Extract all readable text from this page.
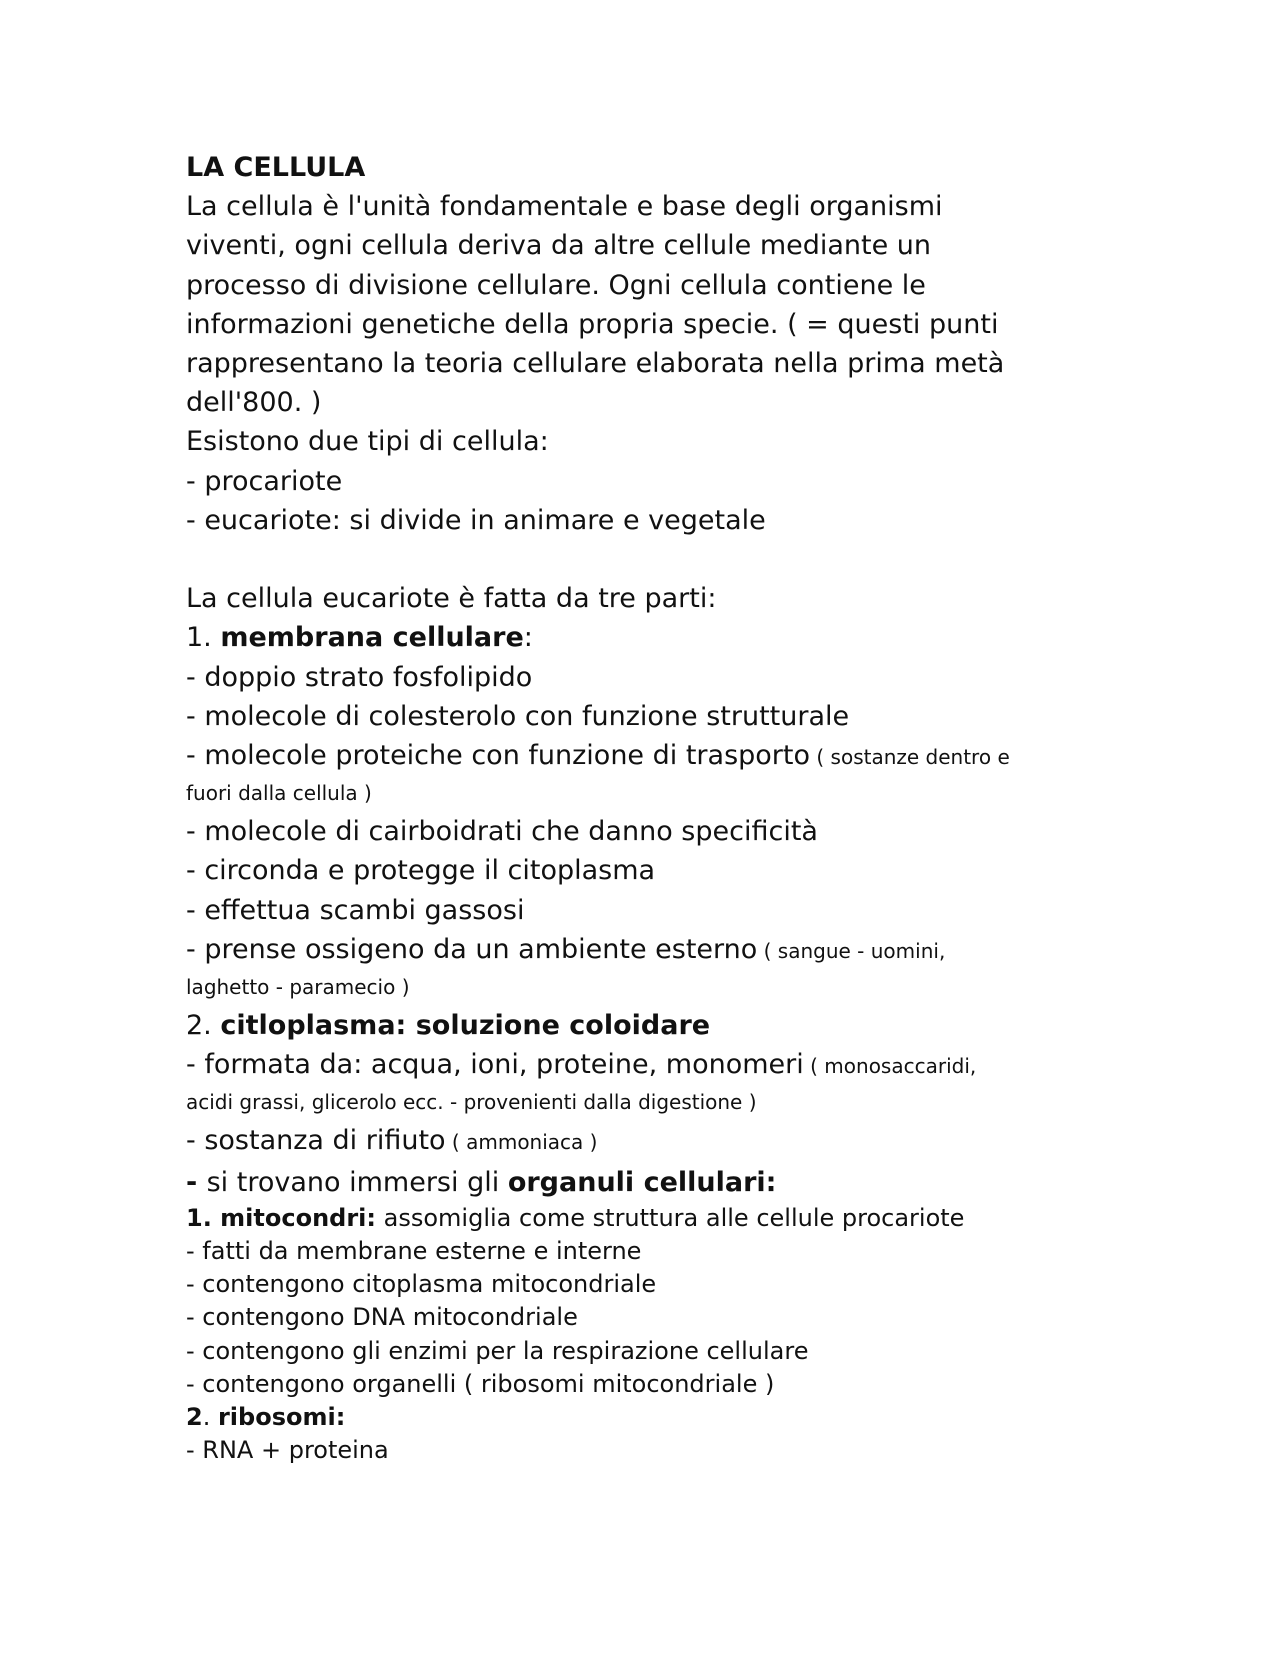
LA CELLULA
La cellula è l'unità fondamentale e base degli organismi
viventi, ogni cellula deriva da altre cellule mediante un
processo di divisione cellulare. Ogni cellula contiene le
informazioni genetiche della propria specie. ( = questi punti
rappresentano la teoria cellulare elaborata nella prima metà
dell'800. )
Esistono due tipi di cellula:
- procariote
- eucariote: si divide in animare e vegetale
La cellula eucariote è fatta da tre parti:
1. membrana cellulare:
- doppio strato fosfolipido
- molecole di colesterolo con funzione strutturale
- molecole proteiche con funzione di trasporto ( sostanze dentro e
fuori dalla cellula )
- molecole di cairboidrati che danno specificità
- circonda e protegge il citoplasma
- effettua scambi gassosi
- prense ossigeno da un ambiente esterno ( sangue - uomini,
laghetto - paramecio )
2. citloplasma: soluzione coloidare
- formata da: acqua, ioni, proteine, monomeri ( monosaccaridi,
acidi grassi, glicerolo ecc. - provenienti dalla digestione )
- sostanza di rifiuto ( ammoniaca )
- si trovano immersi gli organuli cellulari:
1. mitocondri: assomiglia come struttura alle cellule procariote
- fatti da membrane esterne e interne
- contengono citoplasma mitocondriale
- contengono DNA mitocondriale
- contengono gli enzimi per la respirazione cellulare
- contengono organelli ( ribosomi mitocondriale )
2. ribosomi:
- RNA + proteina
